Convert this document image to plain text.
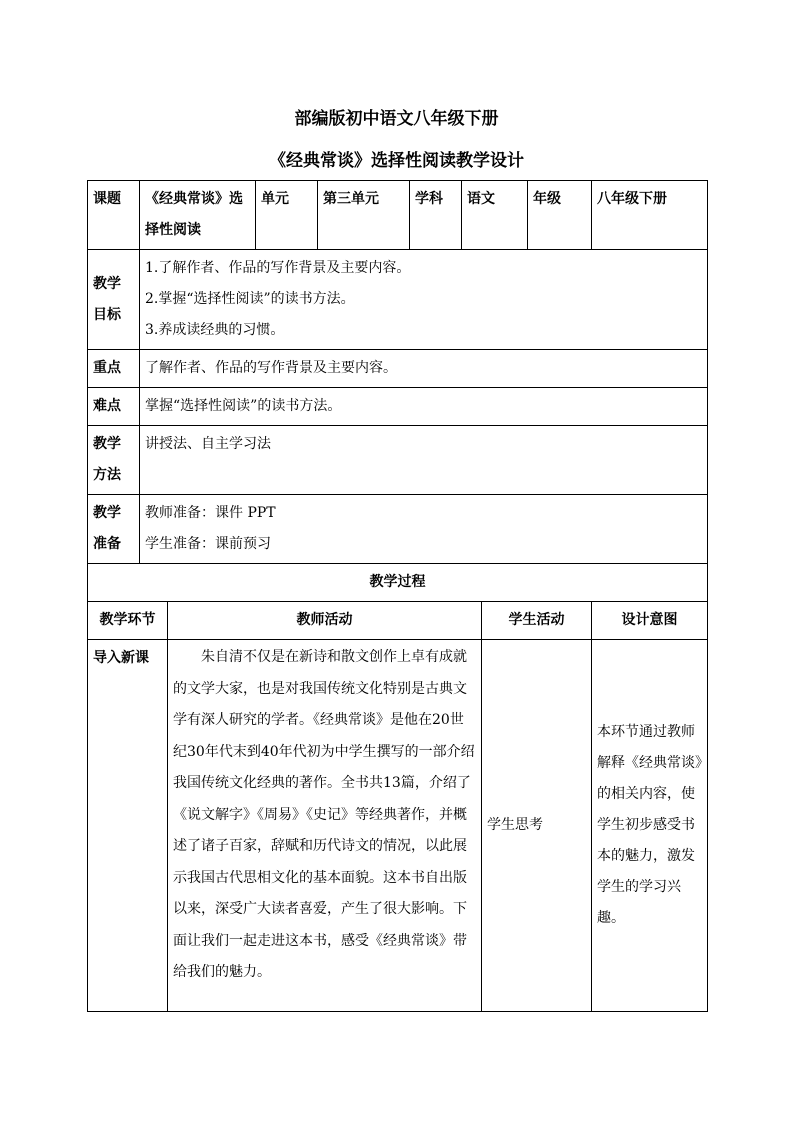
部编版初中语文八年级下册
《经典常谈》选择性阅读教学设计
课题	《经典常谈》选择性阅读		单元	第三单元	学科	语文		年级	八年级下册
教学目标	1.了解作者、作品的写作背景及主要内容。
2.掌握“选择性阅读”的读书方法。
3.养成读经典的习惯。								

重点	了解作者、作品的写作背景及主要内容。								
难点	掌握“选择性阅读”的读书方法。								
教学方法	讲授法、自主学习法								
教学准备	教师准备：课件 PPT
学生准备：课前预习								

教学过程									
教学环节		教师活动					学生活动		设计意图
导入新课		朱自清不仅是在新诗和散文创作上卓有成就的文学大家，也是对我国传统文化特别是古典文学有深人研究的学者。《经典常谈》是他在20世纪30年代末到40年代初为中学生撰写的一部介绍我国传统文化经典的著作。全书共13篇，介绍了《说文解字》《周易》《史记》等经典著作，并概述了诸子百家，辞赋和历代诗文的情况，以此展示我国古代思相文化的基本面貌。这本书自出版以来，深受广大读者喜爱，产生了很大影响。下面让我们一起走进这本书，感受《经典常谈》带给我们的魅力。					学生思考		本环节通过教师解释《经典常谈》的相关内容，使学生初步感受书本的魅力，激发学生的学习兴趣。
